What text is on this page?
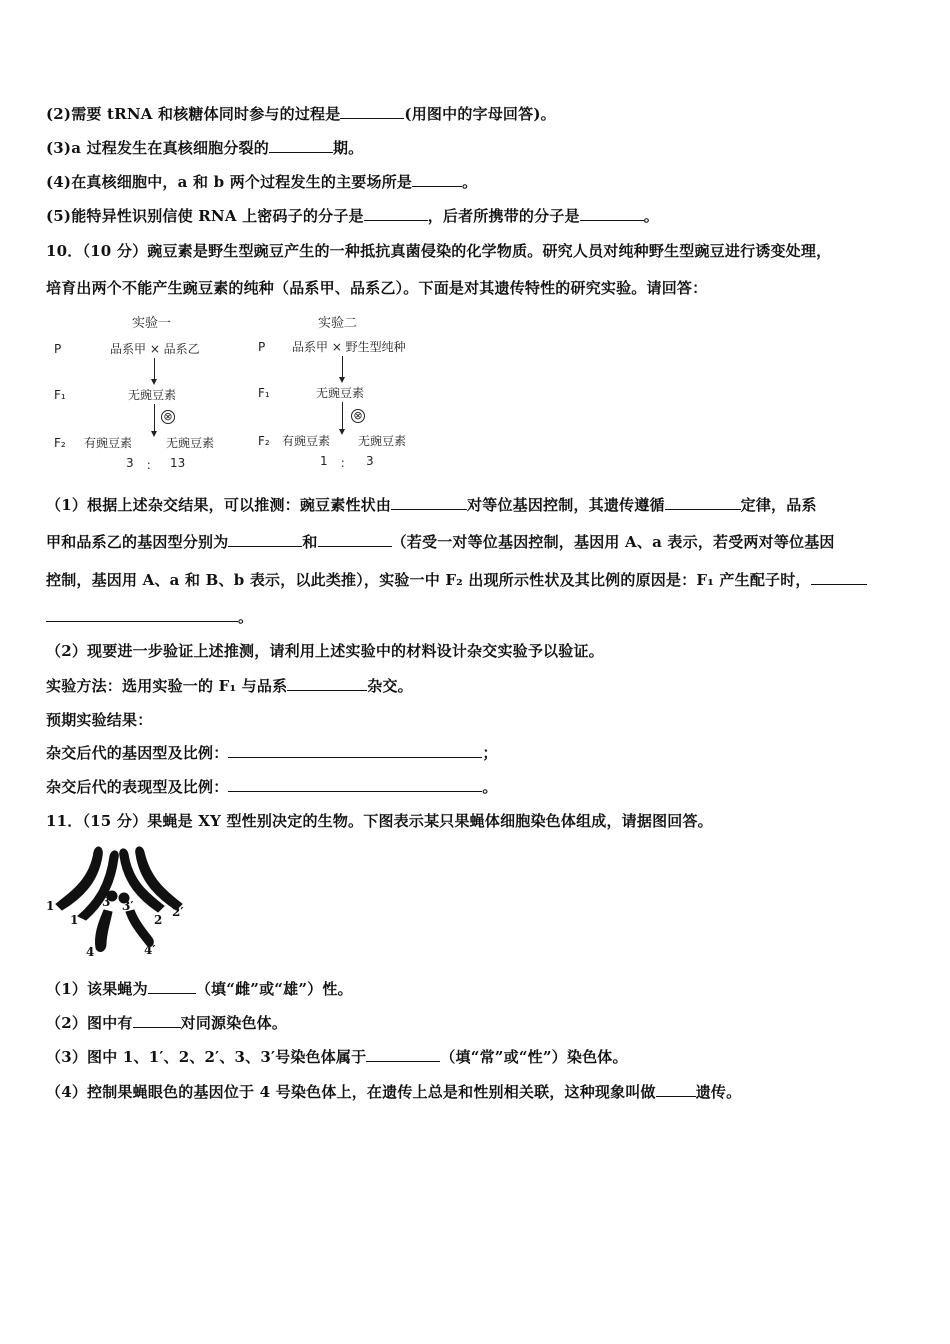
(2)需要 tRNA 和核糖体同时参与的过程是	(用图中的字母回答)。
(3)a 过程发生在真核细胞分裂的	期。
(4)在真核细胞中，a 和 b 两个过程发生的主要场所是	。
(5)能特异性识别信使 RNA 上密码子的分子是	，后者所携带的分子是	。
10．（10 分）豌豆素是野生型豌豆产生的一种抵抗真菌侵染的化学物质。研究人员对纯种野生型豌豆进行诱变处理，
培育出两个不能产生豌豆素的纯种（品系甲、品系乙）。下面是对其遗传特性的研究实验。请回答：
实验一
P	品系甲 × 品系乙
F₁	无豌豆素
⊗
F₂ 有豌豆素	无豌豆素
3 ： 13
实验二
P 品系甲 × 野生型纯种
F₁	无豌豆素
⊗
F₂ 有豌豆素 无豌豆素
1 ： 3
（1）根据上述杂交结果，可以推测：豌豆素性状由	对等位基因控制，其遗传遵循	定律，品系
甲和品系乙的基因型分别为	和	（若受一对等位基因控制，基因用 A、a 表示，若受两对等位基因
控制，基因用 A、a 和 B、b 表示，以此类推），实验一中 F₂ 出现所示性状及其比例的原因是：F₁ 产生配子时，
。
（2）现要进一步验证上述推测，请利用上述实验中的材料设计杂交实验予以验证。
实验方法：选用实验一的 F₁ 与品系	杂交。
预期实验结果：
杂交后代的基因型及比例：	；
杂交后代的表现型及比例：	。
11．（15 分）果蝇是 XY 型性别决定的生物。下图表示某只果蝇体细胞染色体组成，请据图回答。
1
1′
3 3′
2
2′
4	4′
（1）该果蝇为	（填“雌”或“雄”）性。
（2）图中有	对同源染色体。
（3）图中 1、1′、2、2′、3、3′号染色体属于	（填“常”或“性”）染色体。
（4）控制果蝇眼色的基因位于 4 号染色体上，在遗传上总是和性别相关联，这种现象叫做	遗传。
